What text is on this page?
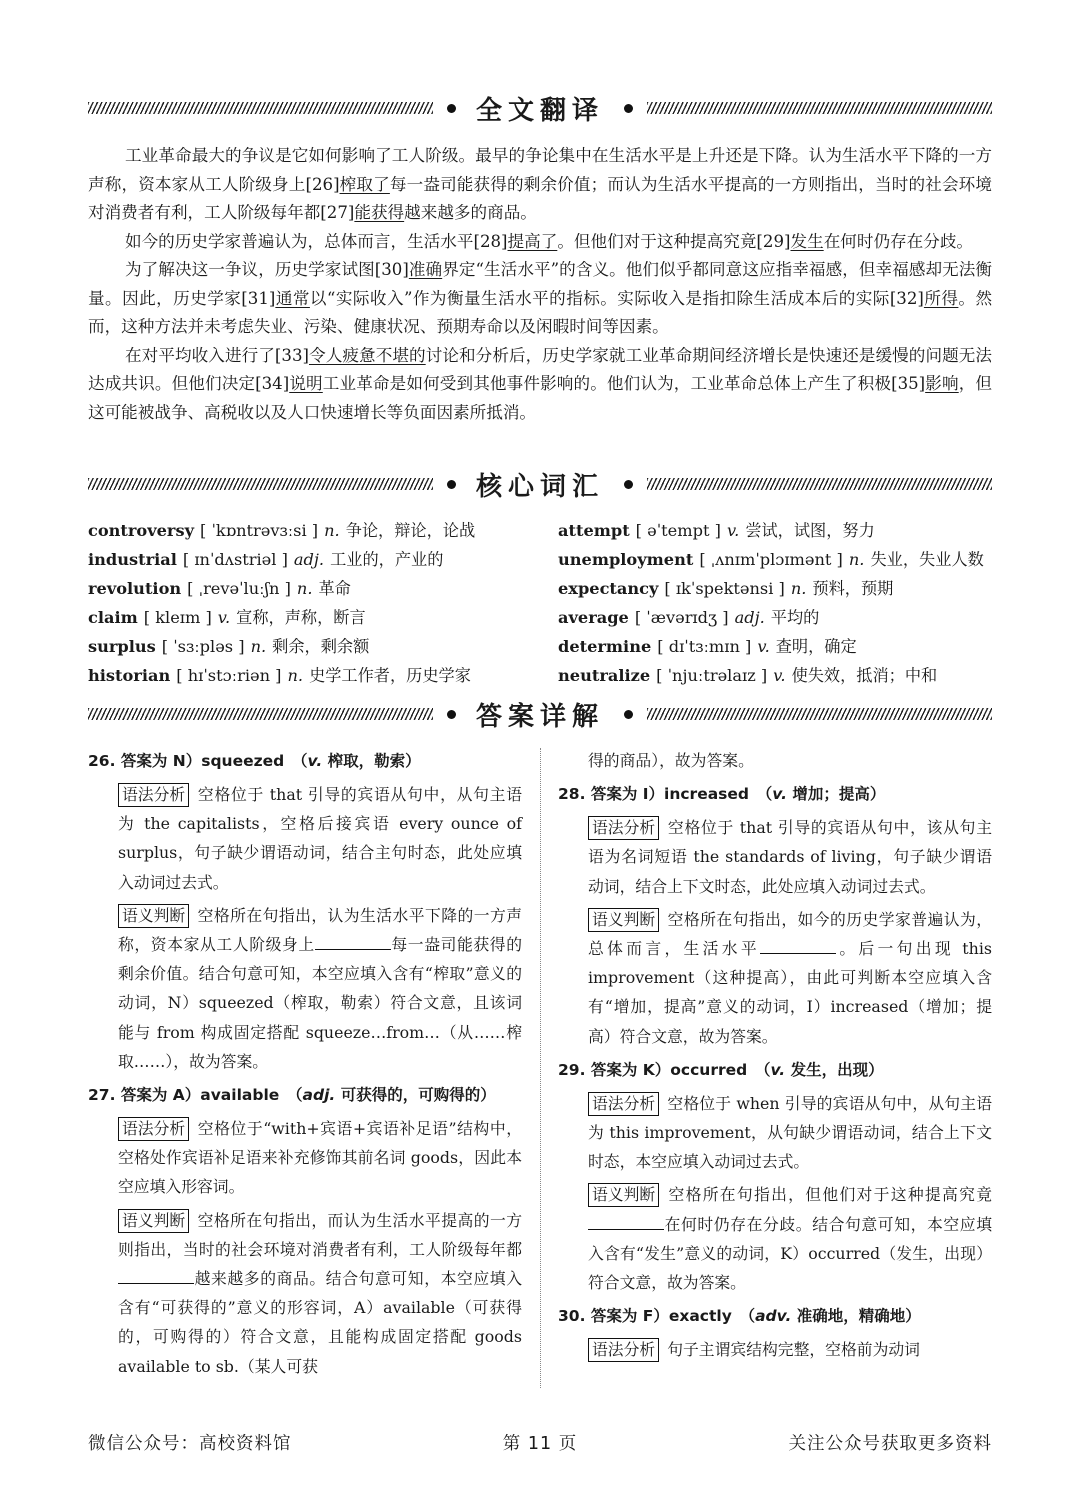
全文翻译

工业革命最大的争议是它如何影响了工人阶级。最早的争论集中在生活水平是上升还是下降。认为生活水平下降的一方声称，资本家从工人阶级身上[26]榨取了每一盎司能获得的剩余价值；而认为生活水平提高的一方则指出，当时的社会环境对消费者有利，工人阶级每年都[27]能获得越来越多的商品。

如今的历史学家普遍认为，总体而言，生活水平[28]提高了。但他们对于这种提高究竟[29]发生在何时仍存在分歧。

为了解决这一争议，历史学家试图[30]准确界定“生活水平”的含义。他们似乎都同意这应指幸福感，但幸福感却无法衡量。因此，历史学家[31]通常以“实际收入”作为衡量生活水平的指标。实际收入是指扣除生活成本后的实际[32]所得。然而，这种方法并未考虑失业、污染、健康状况、预期寿命以及闲暇时间等因素。

在对平均收入进行了[33]令人疲惫不堪的讨论和分析后，历史学家就工业革命期间经济增长是快速还是缓慢的问题无法达成共识。但他们决定[34]说明工业革命是如何受到其他事件影响的。他们认为，工业革命总体上产生了积极[35]影响，但这可能被战争、高税收以及人口快速增长等负面因素所抵消。

核心词汇
controversy [ ˈkɒntrəvɜːsi ] n. 争论，辩论，论战
industrial [ ɪnˈdʌstriəl ] adj. 工业的，产业的
revolution [ ˌrevəˈluːʃn ] n. 革命
claim [ kleɪm ] v. 宣称，声称，断言
surplus [ ˈsɜːpləs ] n. 剩余，剩余额
historian [ hɪˈstɔːriən ] n. 史学工作者，历史学家
attempt [ əˈtempt ] v. 尝试，试图，努力
unemployment [ ˌʌnɪmˈplɔɪmənt ] n. 失业，失业人数
expectancy [ ɪkˈspektənsi ] n. 预料，预期
average [ ˈævərɪdʒ ] adj. 平均的
determine [ dɪˈtɜːmɪn ] v. 查明，确定
neutralize [ ˈnjuːtrəlaɪz ] v. 使失效，抵消；中和
答案详解

26. 答案为 N）squeezed　（v. 榨取，勒索）

语法分析 空格位于 that 引导的宾语从句中，从句主语为 the capitalists，空格后接宾语 every ounce of surplus，句子缺少谓语动词，结合主句时态，此处应填入动词过去式。
语义判断 空格所在句指出，认为生活水平下降的一方声称，资本家从工人阶级身上	每一盎司能获得的剩余价值。结合句意可知，本空应填入含有“榨取”意义的动词，N）squeezed（榨取，勒索）符合文意，且该词能与 from 构成固定搭配 squeeze…from…（从……榨取……），故为答案。

27. 答案为 A）available　（adj. 可获得的，可购得的）

语法分析 空格位于“with+宾语+宾语补足语”结构中，空格处作宾语补足语来补充修饰其前名词 goods，因此本空应填入形容词。
语义判断 空格所在句指出，而认为生活水平提高的一方则指出，当时的社会环境对消费者有利，工人阶级每年都越来越多的商品。结合句意可知，本空应填入含有“可获得的”意义的形容词，A）available（可获得的，可购得的）符合文意，且能构成固定搭配 goods available to sb.（某人可获
得的商品），故为答案。

28. 答案为 I）increased　（v. 增加；提高）

语法分析 空格位于 that 引导的宾语从句中，该从句主语为名词短语 the standards of living，句子缺少谓语动词，结合上下文时态，此处应填入动词过去式。
语义判断 空格所在句指出，如今的历史学家普遍认为，总体而言，生活水平	。后一句出现 this improvement（这种提高），由此可判断本空应填入含有“增加，提高”意义的动词，I）increased（增加；提高）符合文意，故为答案。

29. 答案为 K）occurred　（v. 发生，出现）

语法分析 空格位于 when 引导的宾语从句中，从句主语为 this improvement，从句缺少谓语动词，结合上下文时态，本空应填入动词过去式。
语义判断 空格所在句指出，但他们对于这种提高究竟在何时仍存在分歧。结合句意可知，本空应填入含有“发生”意义的动词，K）occurred（发生，出现）符合文意，故为答案。

30. 答案为 F）exactly　（adv. 准确地，精确地）

语法分析 句子主谓宾结构完整，空格前为动词
微信公众号：高校资料馆	第 11 页	关注公众号获取更多资料
